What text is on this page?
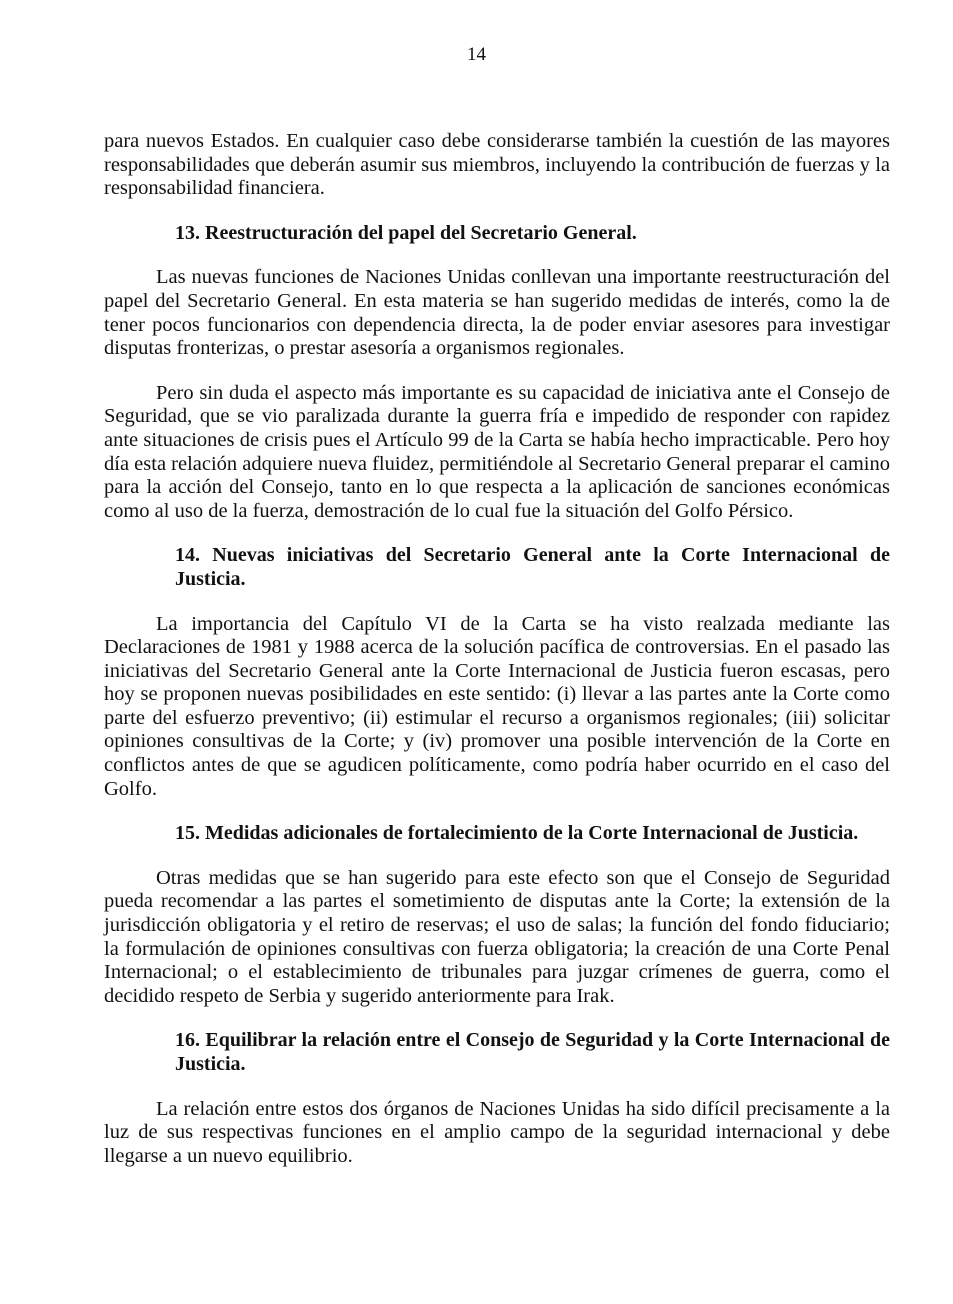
14

para nuevos Estados. En cualquier caso debe considerarse también la cuestión de las mayores responsabilidades que deberán asumir sus miembros, incluyendo la contribución de fuerzas y la responsabilidad financiera.

13. Reestructuración del papel del Secretario General.

Las nuevas funciones de Naciones Unidas conllevan una importante reestructuración del papel del Secretario General. En esta materia se han sugerido medidas de interés, como la de tener pocos funcionarios con dependencia directa, la de poder enviar asesores para investigar disputas fronterizas, o prestar asesoría a organismos regionales.

Pero sin duda el aspecto más importante es su capacidad de iniciativa ante el Consejo de Seguridad, que se vio paralizada durante la guerra fría e impedido de responder con rapidez ante situaciones de crisis pues el Artículo 99 de la Carta se había hecho impracticable. Pero hoy día esta relación adquiere nueva fluidez, permitiéndole al Secretario General preparar el camino para la acción del Consejo, tanto en lo que respecta a la aplicación de sanciones económicas como al uso de la fuerza, demostración de lo cual fue la situación del Golfo Pérsico.

14. Nuevas iniciativas del Secretario General ante la Corte Internacional de Justicia.

La importancia del Capítulo VI de la Carta se ha visto realzada mediante las Declaraciones de 1981 y 1988 acerca de la solución pacífica de controversias. En el pasado las iniciativas del Secretario General ante la Corte Internacional de Justicia fueron escasas, pero hoy se proponen nuevas posibilidades en este sentido: (i) llevar a las partes ante la Corte como parte del esfuerzo preventivo; (ii) estimular el recurso a organismos regionales; (iii) solicitar opiniones consultivas de la Corte; y (iv) promover una posible intervención de la Corte en conflictos antes de que se agudicen políticamente, como podría haber ocurrido en el caso del Golfo.

15. Medidas adicionales de fortalecimiento de la Corte Internacional de Justicia.

Otras medidas que se han sugerido para este efecto son que el Consejo de Seguridad pueda recomendar a las partes el sometimiento de disputas ante la Corte; la extensión de la jurisdicción obligatoria y el retiro de reservas; el uso de salas; la función del fondo fiduciario; la formulación de opiniones consultivas con fuerza obligatoria; la creación de una Corte Penal Internacional; o el establecimiento de tribunales para juzgar crímenes de guerra, como el decidido respeto de Serbia y sugerido anteriormente para Irak.

16. Equilibrar la relación entre el Consejo de Seguridad y la Corte Internacional de Justicia.

La relación entre estos dos órganos de Naciones Unidas ha sido difícil precisamente a la luz de sus respectivas funciones en el amplio campo de la seguridad internacional y debe llegarse a un nuevo equilibrio.
